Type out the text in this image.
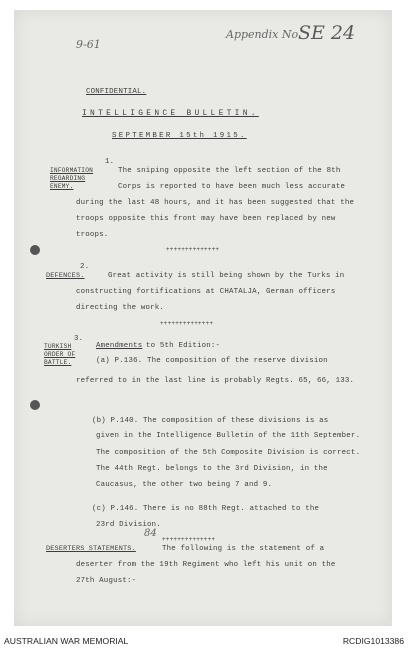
9-61
Appendix No.
SE 24
CONFIDENTIAL.
INTELLIGENCE BULLETIN.
SEPTEMBER 15th 1915.
1.
INFORMATION
REGARDING
ENEMY.
The sniping opposite the left section of the 8th
Corps is reported to have been much less accurate
during the last 48 hours, and it has been suggested that the
troops opposite this front may have been replaced by new
troops.
++++++++++++++
2.
DEFENCES.	Great activity is still being shown by the Turks in
constructing fortifications at CHATALJA, German officers
directing the work.
++++++++++++++
3.
TURKISH
ORDER OF
BATTLE.
Amendments to 5th Edition:-
(a) P.136. The composition of the reserve division
referred to in the last line is probably Regts. 65, 66, 133.
(b) P.140. The composition of these divisions is as
given in the Intelligence Bulletin of the 11th September.
The composition of the 5th Composite Division is correct.
The 44th Regt. belongs to the 3rd Division, in the
Caucasus, the other two being 7 and 9.
(c) P.146. There is no 88th Regt. attached to the
23rd Division.
++++++++++++++
84
DESERTERS STATEMENTS.	The following is the statement of a
deserter from the 19th Regiment who left his unit on the
27th August:-
AUSTRALIAN WAR MEMORIAL	RCDIG1013386
